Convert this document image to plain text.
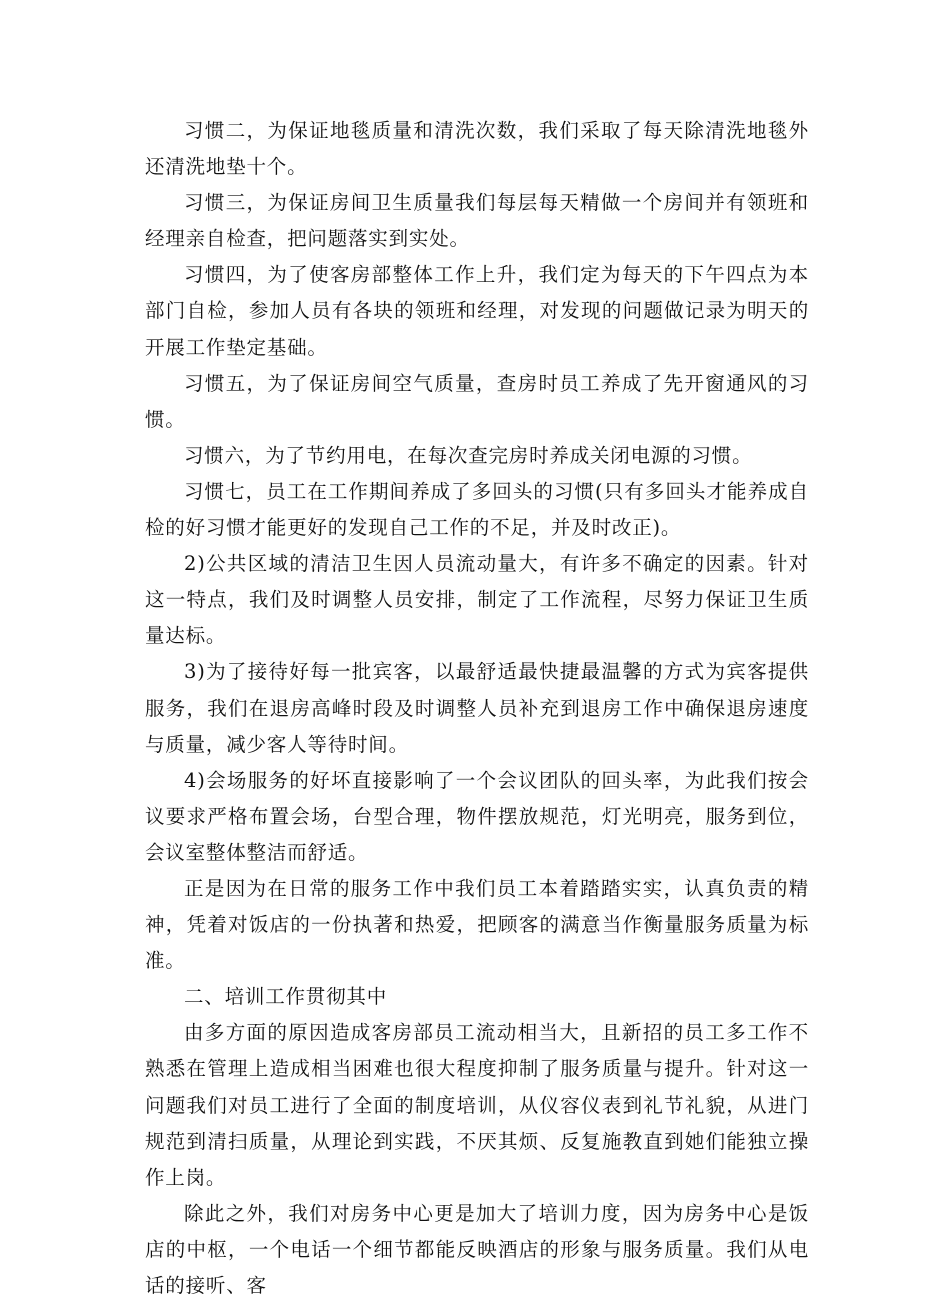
习惯二，为保证地毯质量和清洗次数，我们采取了每天除清洗地毯外还清洗地垫十个。

习惯三，为保证房间卫生质量我们每层每天精做一个房间并有领班和经理亲自检查，把问题落实到实处。

习惯四，为了使客房部整体工作上升，我们定为每天的下午四点为本部门自检，参加人员有各块的领班和经理，对发现的问题做记录为明天的开展工作垫定基础。

习惯五，为了保证房间空气质量，查房时员工养成了先开窗通风的习惯。

习惯六，为了节约用电，在每次查完房时养成关闭电源的习惯。

习惯七，员工在工作期间养成了多回头的习惯(只有多回头才能养成自检的好习惯才能更好的发现自己工作的不足，并及时改正)。

2)公共区域的清洁卫生因人员流动量大，有许多不确定的因素。针对这一特点，我们及时调整人员安排，制定了工作流程，尽努力保证卫生质量达标。

3)为了接待好每一批宾客，以最舒适最快捷最温馨的方式为宾客提供服务，我们在退房高峰时段及时调整人员补充到退房工作中确保退房速度与质量，减少客人等待时间。

4)会场服务的好坏直接影响了一个会议团队的回头率，为此我们按会议要求严格布置会场，台型合理，物件摆放规范，灯光明亮，服务到位，会议室整体整洁而舒适。

正是因为在日常的服务工作中我们员工本着踏踏实实，认真负责的精神，凭着对饭店的一份执著和热爱，把顾客的满意当作衡量服务质量为标准。

二、培训工作贯彻其中

由多方面的原因造成客房部员工流动相当大，且新招的员工多工作不熟悉在管理上造成相当困难也很大程度抑制了服务质量与提升。针对这一问题我们对员工进行了全面的制度培训，从仪容仪表到礼节礼貌，从进门规范到清扫质量，从理论到实践，不厌其烦、反复施教直到她们能独立操作上岗。

除此之外，我们对房务中心更是加大了培训力度，因为房务中心是饭店的中枢，一个电话一个细节都能反映酒店的形象与服务质量。我们从电话的接听、客
